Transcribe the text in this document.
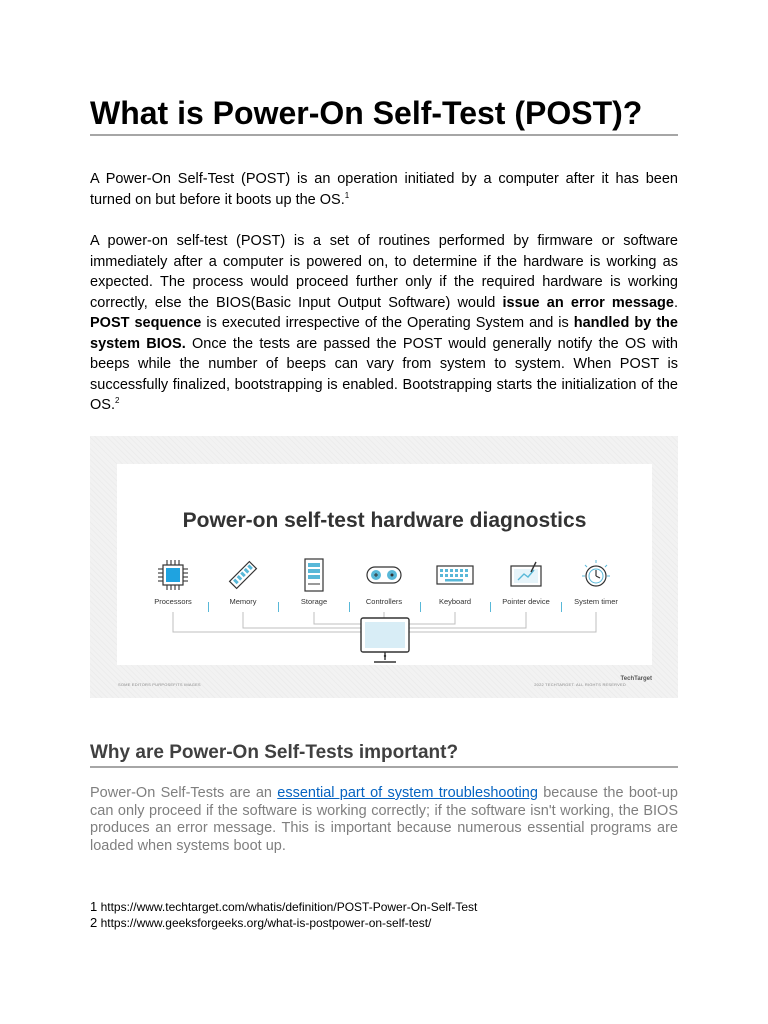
What is Power-On Self-Test (POST)?

A Power-On Self-Test (POST) is an operation initiated by a computer after it has been turned on but before it boots up the OS.$^1$

A power-on self-test (POST) is a set of routines performed by firmware or software immediately after a computer is powered on, to determine if the hardware is working as expected. The process would proceed further only if the required hardware is working correctly, else the BIOS(Basic Input Output Software) would issue an error message. POST sequence is executed irrespective of the Operating System and is handled by the system BIOS. Once the tests are passed the POST would generally notify the OS with beeps while the number of beeps can vary from system to system. When POST is successfully finalized, bootstrapping is enabled. Bootstrapping starts the initialization of the OS.$^2$

Why are Power-On Self-Tests important?

Power-On Self-Tests are an essential part of system troubleshooting because the boot-up can only proceed if the software is working correctly; if the software isn't working, the BIOS produces an error message. This is important because numerous essential programs are loaded when systems boot up.

1 https://www.techtarget.com/whatis/definition/POST-Power-On-Self-Test
2 https://www.geeksforgeeks.org/what-is-postpower-on-self-test/

Power-on self-test hardware diagnostics

Processors	Memory	Storage	Controllers	Keyboard	Pointer device	System timer
SOME EDITORS PURPOSEFITS IMAGES	2022 TECHTARGET. ALL RIGHTS RESERVED
TechTarget
